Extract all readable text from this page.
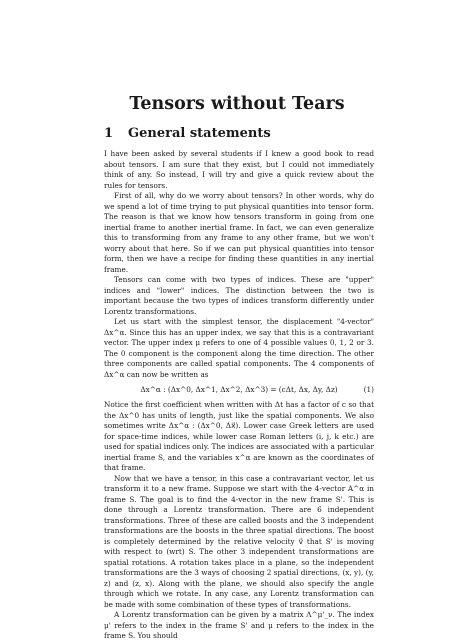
Tensors without Tears
1 General statements

I have been asked by several students if I knew a good book to read about tensors. I am sure that they exist, but I could not immediately think of any. So instead, I will try and give a quick review about the rules for tensors.

First of all, why do we worry about tensors? In other words, why do we spend a lot of time trying to put physical quantities into tensor form. The reason is that we know how tensors transform in going from one inertial frame to another inertial frame. In fact, we can even generalize this to transforming from any frame to any other frame, but we won't worry about that here. So if we can put physical quantities into tensor form, then we have a recipe for finding these quantities in any inertial frame.

Tensors can come with two types of indices. These are "upper" indices and "lower" indices. The distinction between the two is important because the two types of indices transform differently under Lorentz transformations.

Let us start with the simplest tensor, the displacement "4-vector" Δx^α. Since this has an upper index, we say that this is a contravariant vector. The upper index μ refers to one of 4 possible values 0, 1, 2 or 3. The 0 component is the component along the time direction. The other three components are called spatial components. The 4 components of Δx^α can now be written as

Δx^α : (Δx^0, Δx^1, Δx^2, Δx^3) = (cΔt, Δx, Δy, Δz)	(1)

Notice the first coefficient when written with Δt has a factor of c so that the Δx^0 has units of length, just like the spatial components. We also sometimes write Δx^α : (Δx^0, Δx⃗). Lower case Greek letters are used for space-time indices, while lower case Roman letters (i, j, k etc.) are used for spatial indices only. The indices are associated with a particular inertial frame S, and the variables x^α are known as the coordinates of that frame.

Now that we have a tensor, in this case a contravariant vector, let us transform it to a new frame. Suppose we start with the 4-vector A^α in frame S. The goal is to find the 4-vector in the new frame S'. This is done through a Lorentz transformation. There are 6 independent transformations. Three of these are called boosts and the 3 independent transformations are the boosts in the three spatial directions. The boost is completely determined by the relative velocity v⃗ that S' is moving with respect to (wrt) S. The other 3 independent transformations are spatial rotations. A rotation takes place in a plane, so the independent transformations are the 3 ways of choosing 2 spatial directions, (x, y), (y, z) and (z, x). Along with the plane, we should also specify the angle through which we rotate. In any case, any Lorentz transformation can be made with some combination of these types of transformations.

A Lorentz transformation can be given by a matrix Λ^μ'_ν. The index μ' refers to the index in the frame S' and μ refers to the index in the frame S. You should
